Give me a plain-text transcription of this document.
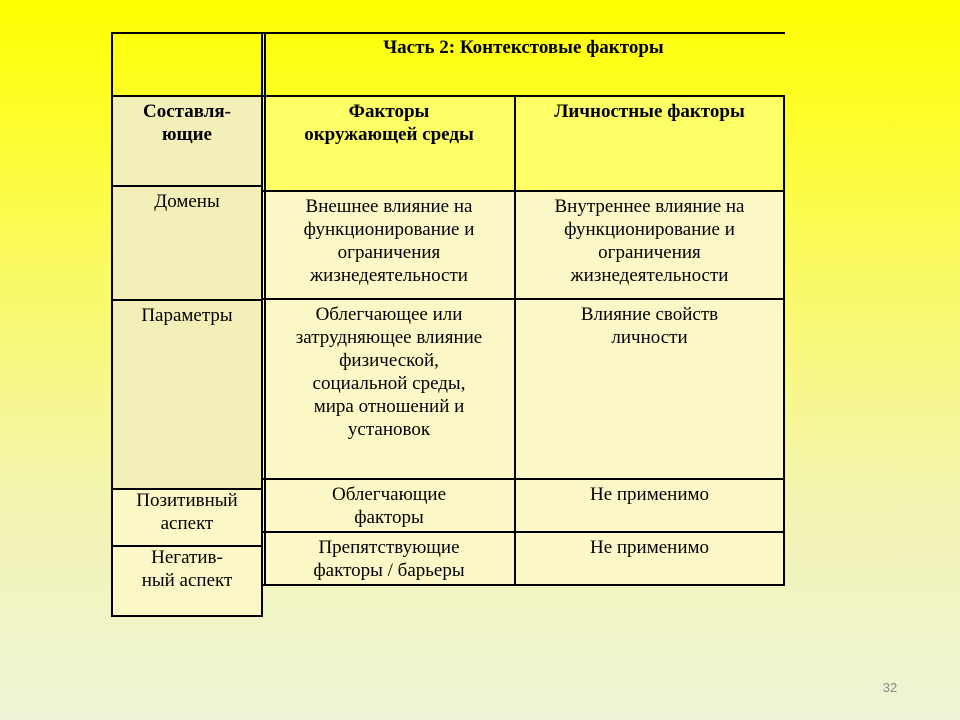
Составля-
ющие
Домены
Параметры
Позитивный
аспект
Негатив-
ный аспект
Часть 2: Контекстовые факторы
Факторы
окружающей среды
Личностные факторы
Внешнее влияние на
функционирование и
ограничения
жизнедеятельности
Внутреннее влияние на
функционирование и
ограничения
жизнедеятельности
Облегчающее или
затрудняющее влияние
физической,
социальной среды,
мира отношений и
установок
Влияние свойств
личности
Облегчающие
факторы
Не применимо
Препятствующие
факторы / барьеры
Не применимо
32
